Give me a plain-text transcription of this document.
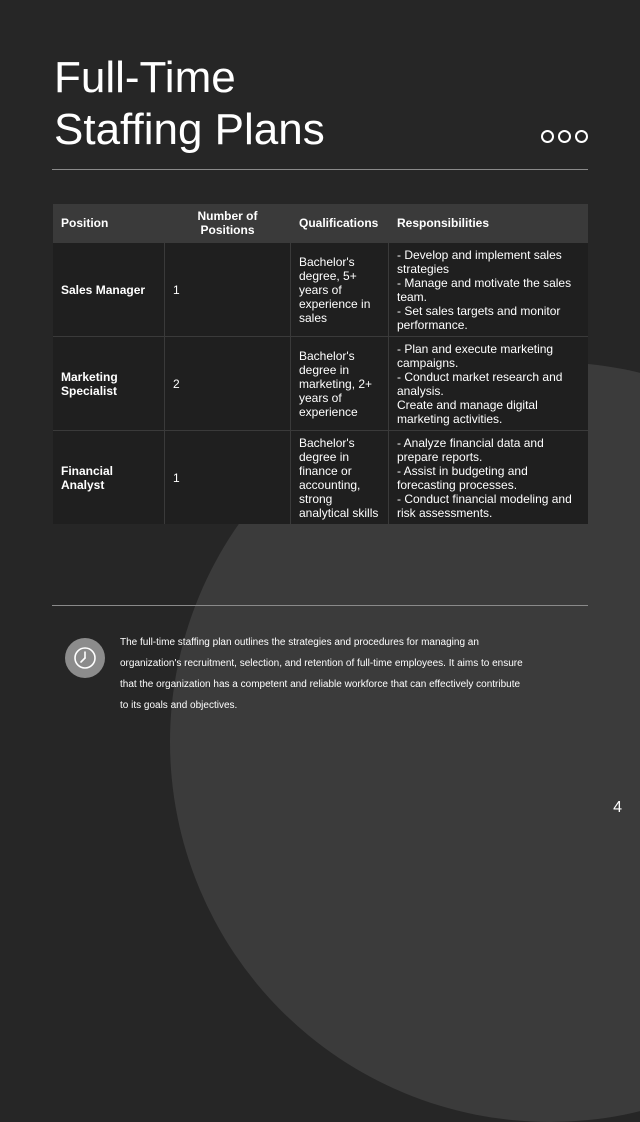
Full-Time
Staffing Plans
Position	Number of Positions	Qualifications	Responsibilities
Sales Manager	1	Bachelor's degree, 5+ years of experience in sales	- Develop and implement sales strategies
- Manage and motivate the sales team.
- Set sales targets and monitor performance.
Marketing Specialist	2	Bachelor's degree in marketing, 2+ years of experience	- Plan and execute marketing campaigns.
- Conduct market research and analysis.
Create and manage digital marketing activities.
Financial Analyst	1	Bachelor's degree in finance or accounting, strong analytical skills	- Analyze financial data and prepare reports.
- Assist in budgeting and forecasting processes.
- Conduct financial modeling and risk assessments.

The full-time staffing plan outlines the strategies and procedures for managing an organization's recruitment, selection, and retention of full-time employees. It aims to ensure that the organization has a competent and reliable workforce that can effectively contribute to its goals and objectives.

4
